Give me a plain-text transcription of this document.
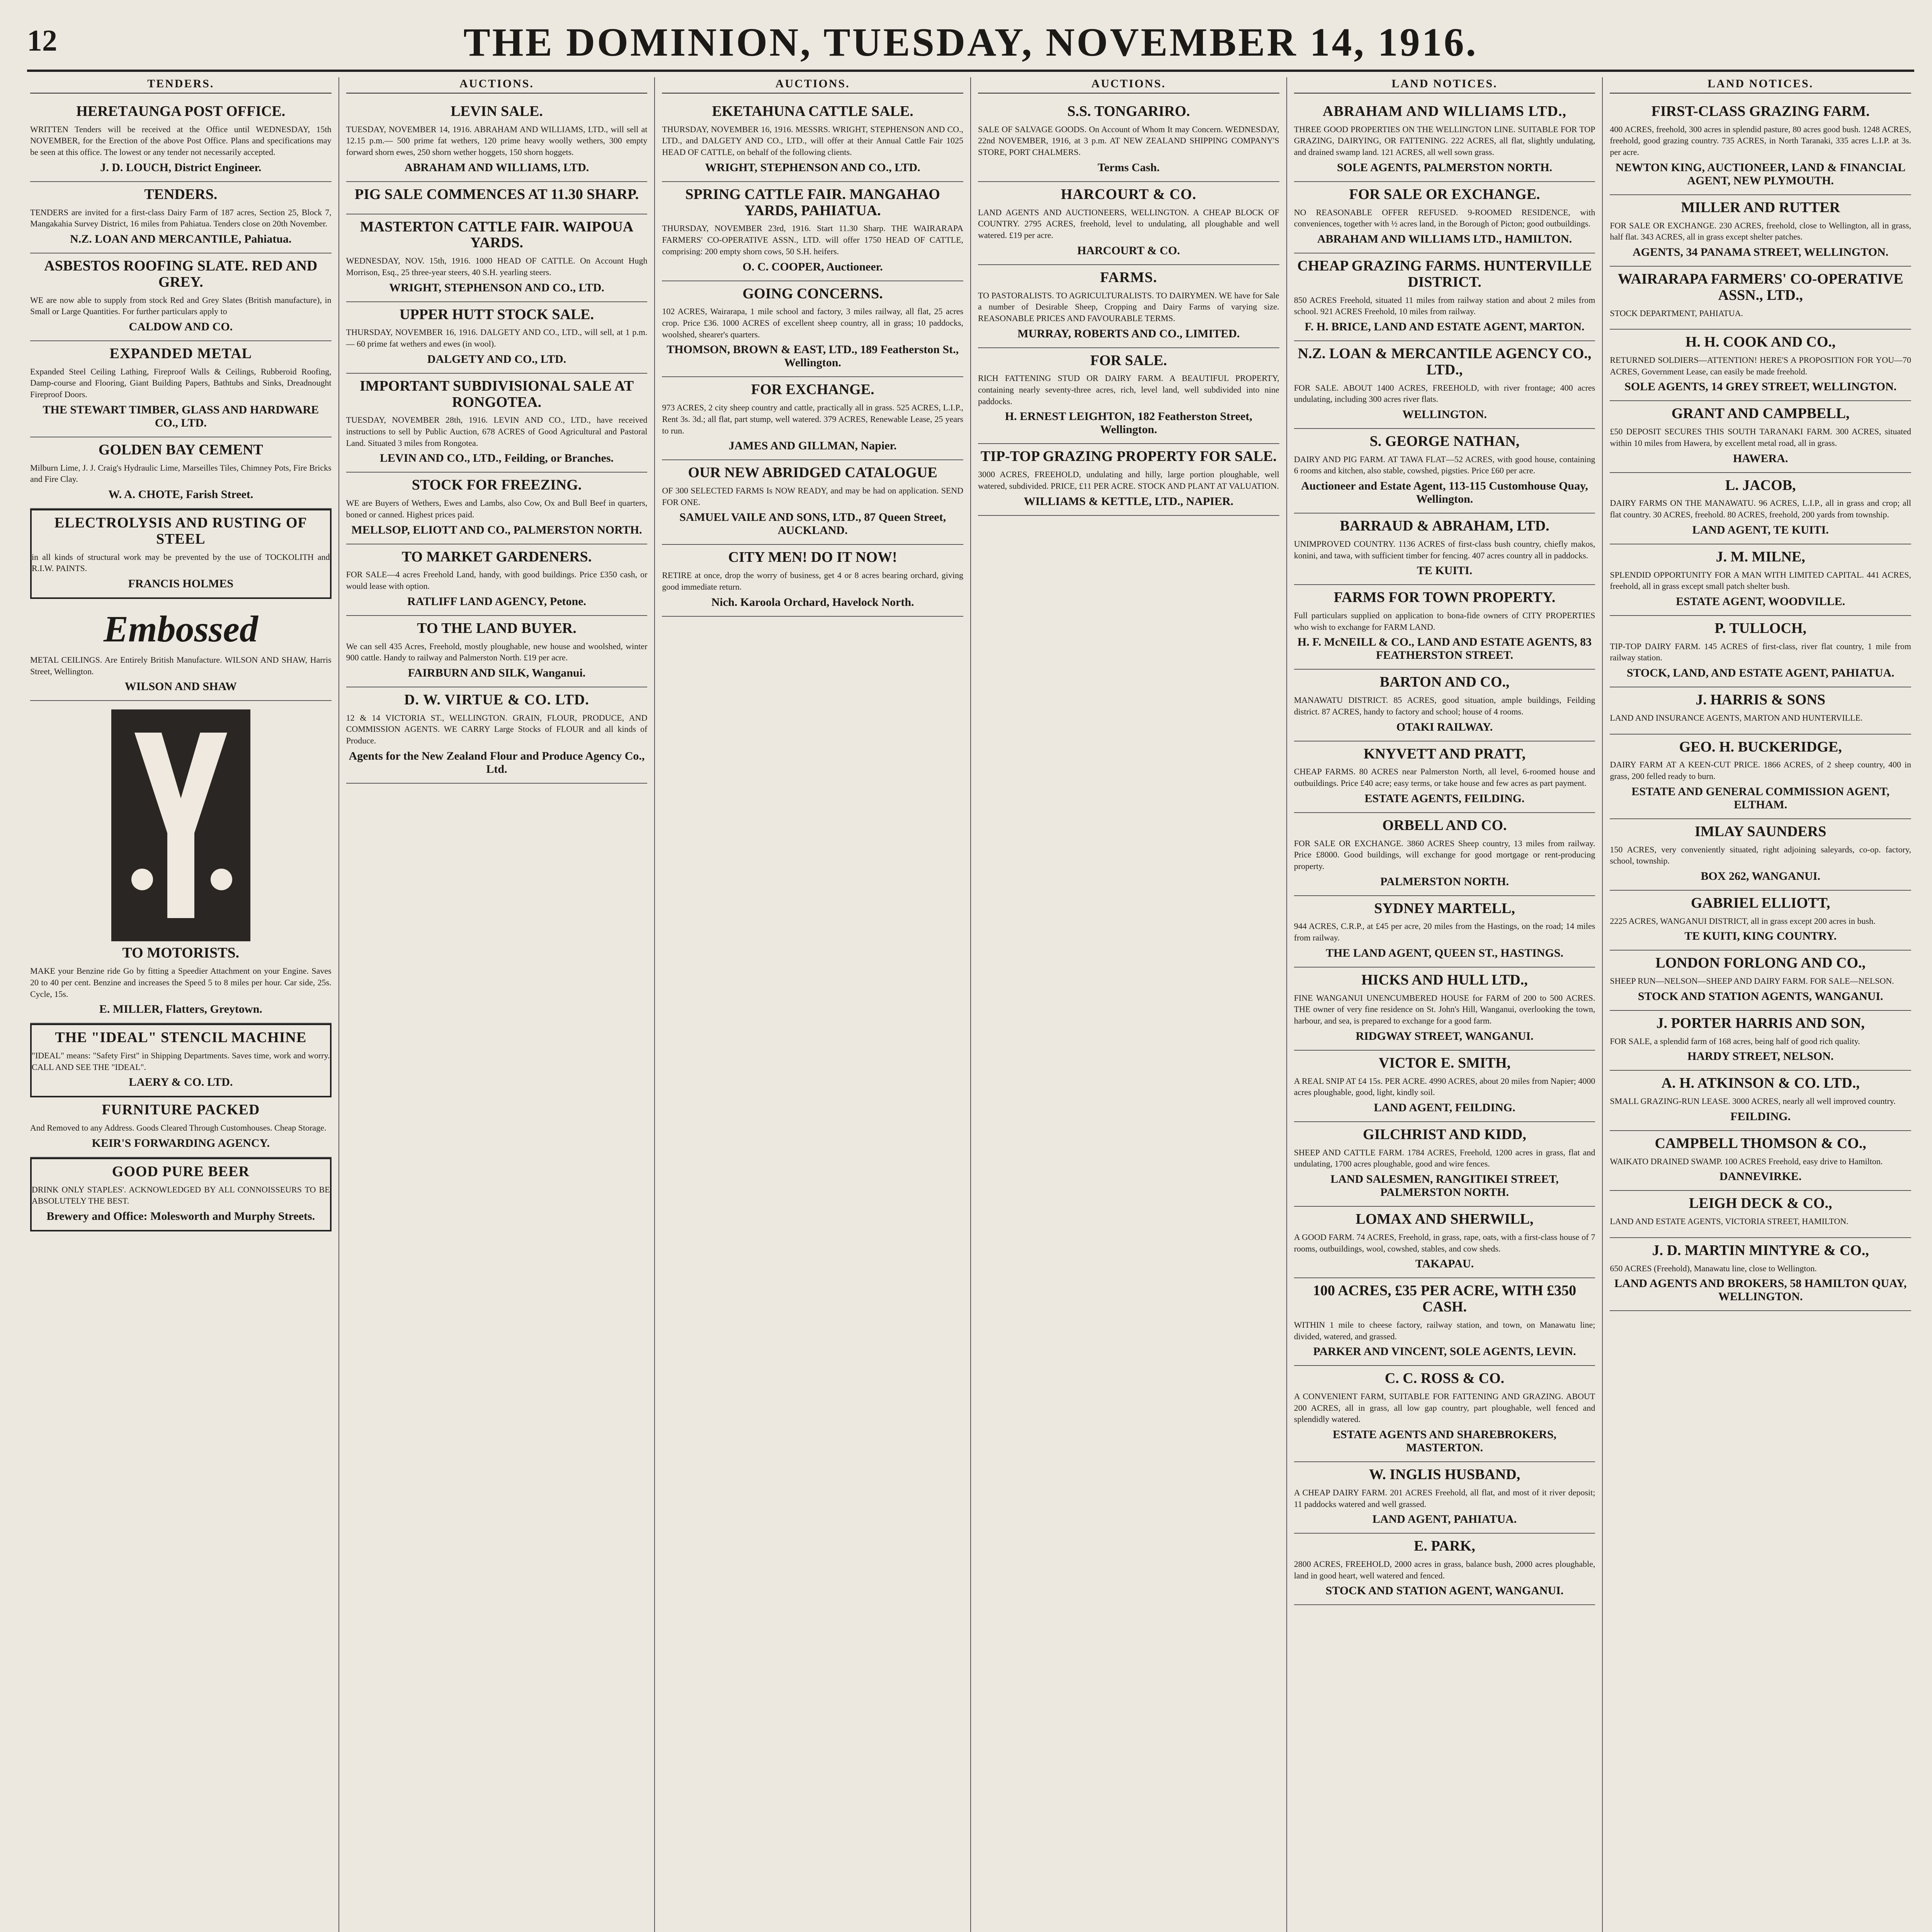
12	THE DOMINION, TUESDAY, NOVEMBER 14, 1916.
TENDERS.
HEREТAUNGA POST OFFICE.

WRITTEN Tenders will be received at the Office until WEDNESDAY, 15th NOVEMBER, for the Erection of the above Post Office. Plans and specifications may be seen at this office. The lowest or any tender not necessarily accepted.

J. D. LOUCH, District Engineer.
TENDERS.

TENDERS are invited for a first-class Dairy Farm of 187 acres, Section 25, Block 7, Mangakahia Survey District, 16 miles from Pahiatua. Tenders close on 20th November.

N.Z. LOAN AND MERCANTILE, Pahiatua.
ASBESTOS ROOFING SLATE. RED AND GREY.

WE are now able to supply from stock Red and Grey Slates (British manufacture), in Small or Large Quantities. For further particulars apply to

CALDOW AND CO.
EXPANDED METAL

Expanded Steel Ceiling Lathing, Fireproof Walls & Ceilings, Rubberoid Roofing, Damp-course and Flooring, Giant Building Papers, Bathtubs and Sinks, Dreadnought Fireproof Doors.

THE STEWART TIMBER, GLASS AND HARDWARE CO., LTD.
GOLDEN BAY CEMENT

Milburn Lime, J. J. Craig's Hydraulic Lime, Marseilles Tiles, Chimney Pots, Fire Bricks and Fire Clay.

W. A. CHOTE, Farish Street.
ELECTROLYSIS AND RUSTING OF STEEL

in all kinds of structural work may be prevented by the use of TOCKOLITH and R.I.W. PAINTS.

FRANCIS HOLMES
Embossed

METAL CEILINGS. Are Entirely British Manufacture. WILSON AND SHAW, Harris Street, Wellington.

WILSON AND SHAW
TO MOTORISTS.

MAKE your Benzine ride Go by fitting a Speedier Attachment on your Engine. Saves 20 to 40 per cent. Benzine and increases the Speed 5 to 8 miles per hour. Car side, 25s. Cycle, 15s.

E. MILLER, Flatters, Greytown.
THE "IDEAL" STENCIL MACHINE

"IDEAL" means: "Safety First" in Shipping Departments. Saves time, work and worry. CALL AND SEE THE "IDEAL".

LAERY & CO. LTD.
FURNITURE PACKED

And Removed to any Address. Goods Cleared Through Customhouses. Cheap Storage.

KEIR'S FORWARDING AGENCY.
GOOD PURE BEER

DRINK ONLY STAPLES'. ACKNOWLEDGED BY ALL CONNOISSEURS TO BE ABSOLUTELY THE BEST.

Brewery and Office: Molesworth and Murphy Streets.
AUCTIONS.
LEVIN SALE.

TUESDAY, NOVEMBER 14, 1916. ABRAHAM AND WILLIAMS, LTD., will sell at 12.15 p.m.— 500 prime fat wethers, 120 prime heavy woolly wethers, 300 empty forward shorn ewes, 250 shorn wether hoggets, 150 shorn hoggets.

ABRAHAM AND WILLIAMS, LTD.
PIG SALE COMMENCES AT 11.30 SHARP.

MASTERTON CATTLE FAIR. WAIPOUA YARDS.

WEDNESDAY, NOV. 15th, 1916. 1000 HEAD OF CATTLE. On Account Hugh Morrison, Esq., 25 three-year steers, 40 S.H. yearling steers.

WRIGHT, STEPHENSON AND CO., LTD.
UPPER HUTT STOCK SALE.

THURSDAY, NOVEMBER 16, 1916. DALGETY AND CO., LTD., will sell, at 1 p.m.— 60 prime fat wethers and ewes (in wool).

DALGETY AND CO., LTD.
IMPORTANT SUBDIVISIONAL SALE AT RONGOTEA.

TUESDAY, NOVEMBER 28th, 1916. LEVIN AND CO., LTD., have received instructions to sell by Public Auction, 678 ACRES of Good Agricultural and Pastoral Land. Situated 3 miles from Rongotea.

LEVIN AND CO., LTD., Feilding, or Branches.
STOCK FOR FREEZING.

WE are Buyers of Wethers, Ewes and Lambs, also Cow, Ox and Bull Beef in quarters, boned or canned. Highest prices paid.

MELLSOP, ELIOTT AND CO., PALMERSTON NORTH.
TO MARKET GARDENERS.

FOR SALE—4 acres Freehold Land, handy, with good buildings. Price £350 cash, or would lease with option.

RATLIFF LAND AGENCY, Petone.
TO THE LAND BUYER.

We can sell 435 Acres, Freehold, mostly ploughable, new house and woolshed, winter 900 cattle. Handy to railway and Palmerston North. £19 per acre.

FAIRBURN AND SILK, Wanganui.
D. W. VIRTUE & CO. LTD.

12 & 14 VICTORIA ST., WELLINGTON. GRAIN, FLOUR, PRODUCE, AND COMMISSION AGENTS. WE CARRY Large Stocks of FLOUR and all kinds of Produce.

Agents for the New Zealand Flour and Produce Agency Co., Ltd.
AUCTIONS.
EKETAHUNA CATTLE SALE.

THURSDAY, NOVEMBER 16, 1916. MESSRS. WRIGHT, STEPHENSON AND CO., LTD., and DALGETY AND CO., LTD., will offer at their Annual Cattle Fair 1025 HEAD OF CATTLE, on behalf of the following clients.

WRIGHT, STEPHENSON AND CO., LTD.
SPRING CATTLE FAIR. MANGAHAO YARDS, PAHIATUA.

THURSDAY, NOVEMBER 23rd, 1916. Start 11.30 Sharp. THE WAIRARAPA FARMERS' CO-OPERATIVE ASSN., LTD. will offer 1750 HEAD OF CATTLE, comprising: 200 empty shorn cows, 50 S.H. heifers.

O. C. COOPER, Auctioneer.
GOING CONCERNS.

102 ACRES, Wairarapa, 1 mile school and factory, 3 miles railway, all flat, 25 acres crop. Price £36. 1000 ACRES of excellent sheep country, all in grass; 10 paddocks, woolshed, shearer's quarters.

THOMSON, BROWN & EAST, LTD., 189 Featherston St., Wellington.
FOR EXCHANGE.

973 ACRES, 2 city sheep country and cattle, practically all in grass. 525 ACRES, L.I.P., Rent 3s. 3d.; all flat, part stump, well watered. 379 ACRES, Renewable Lease, 25 years to run.

JAMES AND GILLMAN, Napier.
OUR NEW ABRIDGED CATALOGUE

OF 300 SELECTED FARMS Is NOW READY, and may be had on application. SEND FOR ONE.

SAMUEL VAILE AND SONS, LTD., 87 Queen Street, AUCKLAND.
CITY MEN! DO IT NOW!

RETIRE at once, drop the worry of business, get 4 or 8 acres bearing orchard, giving good immediate return.

Nich. Karoola Orchard, Havelock North.
AUCTIONS.
S.S. TONGARIRO.

SALE OF SALVAGE GOODS. On Account of Whom It may Concern. WEDNESDAY, 22nd NOVEMBER, 1916, at 3 p.m. AT NEW ZEALAND SHIPPING COMPANY'S STORE, PORT CHALMERS.

Terms Cash.
HARCOURT & CO.

LAND AGENTS AND AUCTIONEERS, WELLINGTON. A CHEAP BLOCK OF COUNTRY. 2795 ACRES, freehold, level to undulating, all ploughable and well watered. £19 per acre.

HARCOURT & CO.
FARMS.

TO PASTORALISTS. TO AGRICULTURALISTS. TO DAIRYMEN. WE have for Sale a number of Desirable Sheep, Cropping and Dairy Farms of varying size. REASONABLE PRICES AND FAVOURABLE TERMS.

MURRAY, ROBERTS AND CO., LIMITED.
FOR SALE.

RICH FATTENING STUD OR DAIRY FARM. A BEAUTIFUL PROPERTY, containing nearly seventy-three acres, rich, level land, well subdivided into nine paddocks.

H. ERNEST LEIGHTON, 182 Featherston Street, Wellington.
TIP-TOP GRAZING PROPERTY FOR SALE.

3000 ACRES, FREEHOLD, undulating and hilly, large portion ploughable, well watered, subdivided. PRICE, £11 PER ACRE. STOCK AND PLANT AT VALUATION.

WILLIAMS & KETTLE, LTD., NAPIER.
LAND NOTICES.
ABRAHAM AND WILLIAMS LTD.,

THREE GOOD PROPERTIES ON THE WELLINGTON LINE. SUITABLE FOR TOP GRAZING, DAIRYING, OR FATTENING. 222 ACRES, all flat, slightly undulating, and drained swamp land. 121 ACRES, all well sown grass.

SOLE AGENTS, PALMERSTON NORTH.
FOR SALE OR EXCHANGE.

NO REASONABLE OFFER REFUSED. 9-ROOMED RESIDENCE, with conveniences, together with ½ acres land, in the Borough of Picton; good outbuildings.

ABRAHAM AND WILLIAMS LTD., HAMILTON.
CHEAP GRAZING FARMS. HUNTERVILLE DISTRICT.

850 ACRES Freehold, situated 11 miles from railway station and about 2 miles from school. 921 ACRES Freehold, 10 miles from railway.

F. H. BRICE, LAND AND ESTATE AGENT, MARTON.
N.Z. LOAN & MERCANTILE AGENCY CO., LTD.,

FOR SALE. ABOUT 1400 ACRES, FREEHOLD, with river frontage; 400 acres undulating, including 300 acres river flats.

WELLINGTON.
S. GEORGE NATHAN,

DAIRY AND PIG FARM. AT TAWA FLAT—52 ACRES, with good house, containing 6 rooms and kitchen, also stable, cowshed, pigsties. Price £60 per acre.

Auctioneer and Estate Agent, 113-115 Customhouse Quay, Wellington.
BARRAUD & ABRAHAM, LTD.

UNIMPROVED COUNTRY. 1136 ACRES of first-class bush country, chiefly makos, konini, and tawa, with sufficient timber for fencing. 407 acres country all in paddocks.

TE KUITI.
FARMS FOR TOWN PROPERTY.

Full particulars supplied on application to bona-fide owners of CITY PROPERTIES who wish to exchange for FARM LAND.

H. F. McNEILL & CO., LAND AND ESTATE AGENTS, 83 FEATHERSTON STREET.
BARTON AND CO.,

MANAWATU DISTRICT. 85 ACRES, good situation, ample buildings, Feilding district. 87 ACRES, handy to factory and school; house of 4 rooms.

OTAKI RAILWAY.
KNYVETT AND PRATT,

CHEAP FARMS. 80 ACRES near Palmerston North, all level, 6-roomed house and outbuildings. Price £40 acre; easy terms, or take house and few acres as part payment.

ESTATE AGENTS, FEILDING.
ORBELL AND CO.

FOR SALE OR EXCHANGE. 3860 ACRES Sheep country, 13 miles from railway. Price £8000. Good buildings, will exchange for good mortgage or rent-producing property.

PALMERSTON NORTH.
SYDNEY MARTELL,

944 ACRES, C.R.P., at £45 per acre, 20 miles from the Hastings, on the road; 14 miles from railway.

THE LAND AGENT, QUEEN ST., HASTINGS.
HICKS AND HULL LTD.,

FINE WANGANUI UNENCUMBERED HOUSE for FARM of 200 to 500 ACRES. THE owner of very fine residence on St. John's Hill, Wanganui, overlooking the town, harbour, and sea, is prepared to exchange for a good farm.

RIDGWAY STREET, WANGANUI.
VICTOR E. SMITH,

A REAL SNIP AT £4 15s. PER ACRE. 4990 ACRES, about 20 miles from Napier; 4000 acres ploughable, good, light, kindly soil.

LAND AGENT, FEILDING.
GILCHRIST AND KIDD,

SHEEP AND CATTLE FARM. 1784 ACRES, Freehold, 1200 acres in grass, flat and undulating, 1700 acres ploughable, good and wire fences.

LAND SALESMEN, RANGITIKEI STREET, PALMERSTON NORTH.
LOMAX AND SHERWILL,

A GOOD FARM. 74 ACRES, Freehold, in grass, rape, oats, with a first-class house of 7 rooms, outbuildings, wool, cowshed, stables, and cow sheds.

TAKAPAU.
100 ACRES, £35 PER ACRE, WITH £350 CASH.

WITHIN 1 mile to cheese factory, railway station, and town, on Manawatu line; divided, watered, and grassed.

PARKER AND VINCENT, SOLE AGENTS, LEVIN.
C. C. ROSS & CO.

A CONVENIENT FARM, SUITABLE FOR FATTENING AND GRAZING. ABOUT 200 ACRES, all in grass, all low gap country, part ploughable, well fenced and splendidly watered.

ESTATE AGENTS AND SHAREBROKERS, MASTERTON.
W. INGLIS HUSBAND,

A CHEAP DAIRY FARM. 201 ACRES Freehold, all flat, and most of it river deposit; 11 paddocks watered and well grassed.

LAND AGENT, PAHIATUA.
E. PARK,

2800 ACRES, FREEHOLD, 2000 acres in grass, balance bush, 2000 acres ploughable, land in good heart, well watered and fenced.

STOCK AND STATION AGENT, WANGANUI.
LAND NOTICES.
FIRST-CLASS GRAZING FARM.

400 ACRES, freehold, 300 acres in splendid pasture, 80 acres good bush. 1248 ACRES, freehold, good grazing country. 735 ACRES, in North Taranaki, 335 acres L.I.P. at 3s. per acre.

NEWTON KING, AUCTIONEER, LAND & FINANCIAL AGENT, NEW PLYMOUTH.
MILLER AND RUTTER

FOR SALE OR EXCHANGE. 230 ACRES, freehold, close to Wellington, all in grass, half flat. 343 ACRES, all in grass except shelter patches.

AGENTS, 34 PANAMA STREET, WELLINGTON.
WAIRARAPA FARMERS' CO-OPERATIVE ASSN., LTD.,

STOCK DEPARTMENT, PAHIATUA.

H. H. COOK AND CO.,

RETURNED SOLDIERS—ATTENTION! HERE'S A PROPOSITION FOR YOU—70 ACRES, Government Lease, can easily be made freehold.

SOLE AGENTS, 14 GREY STREET, WELLINGTON.
GRANT AND CAMPBELL,

£50 DEPOSIT SECURES THIS SOUTH TARANAKI FARM. 300 ACRES, situated within 10 miles from Hawera, by excellent metal road, all in grass.

HAWERA.
L. JACOB,

DAIRY FARMS ON THE MANAWATU. 96 ACRES, L.I.P., all in grass and crop; all flat country. 30 ACRES, freehold. 80 ACRES, freehold, 200 yards from township.

LAND AGENT, TE KUITI.
J. M. MILNE,

SPLENDID OPPORTUNITY FOR A MAN WITH LIMITED CAPITAL. 441 ACRES, freehold, all in grass except small patch shelter bush.

ESTATE AGENT, WOODVILLE.
P. TULLOCH,

TIP-TOP DAIRY FARM. 145 ACRES of first-class, river flat country, 1 mile from railway station.

STOCK, LAND, AND ESTATE AGENT, PAHIATUA.
J. HARRIS & SONS

LAND AND INSURANCE AGENTS, MARTON AND HUNTERVILLE.

GEO. H. BUCKERIDGE,

DAIRY FARM AT A KEEN-CUT PRICE. 1866 ACRES, of 2 sheep country, 400 in grass, 200 felled ready to burn.

ESTATE AND GENERAL COMMISSION AGENT, ELTHAM.
IMLAY SAUNDERS

150 ACRES, very conveniently situated, right adjoining saleyards, co-op. factory, school, township.

BOX 262, WANGANUI.
GABRIEL ELLIOTT,

2225 ACRES, WANGANUI DISTRICT, all in grass except 200 acres in bush.

TE KUITI, KING COUNTRY.
LONDON FORLONG AND CO.,

SHEEP RUN—NELSON—SHEEP AND DAIRY FARM. FOR SALE—NELSON.

STOCK AND STATION AGENTS, WANGANUI.
J. PORTER HARRIS AND SON,

FOR SALE, a splendid farm of 168 acres, being half of good rich quality.

HARDY STREET, NELSON.
A. H. ATKINSON & CO. LTD.,

SMALL GRAZING-RUN LEASE. 3000 ACRES, nearly all well improved country.

FEILDING.
CAMPBELL THOMSON & CO.,

WAIKATO DRAINED SWAMP. 100 ACRES Freehold, easy drive to Hamilton.

DANNEVIRKE.
LEIGH DECK & CO.,

LAND AND ESTATE AGENTS, VICTORIA STREET, HAMILTON.

J. D. MARTIN MINTYRE & CO.,

650 ACRES (Freehold), Manawatu line, close to Wellington.

LAND AGENTS AND BROKERS, 58 HAMILTON QUAY, WELLINGTON.
